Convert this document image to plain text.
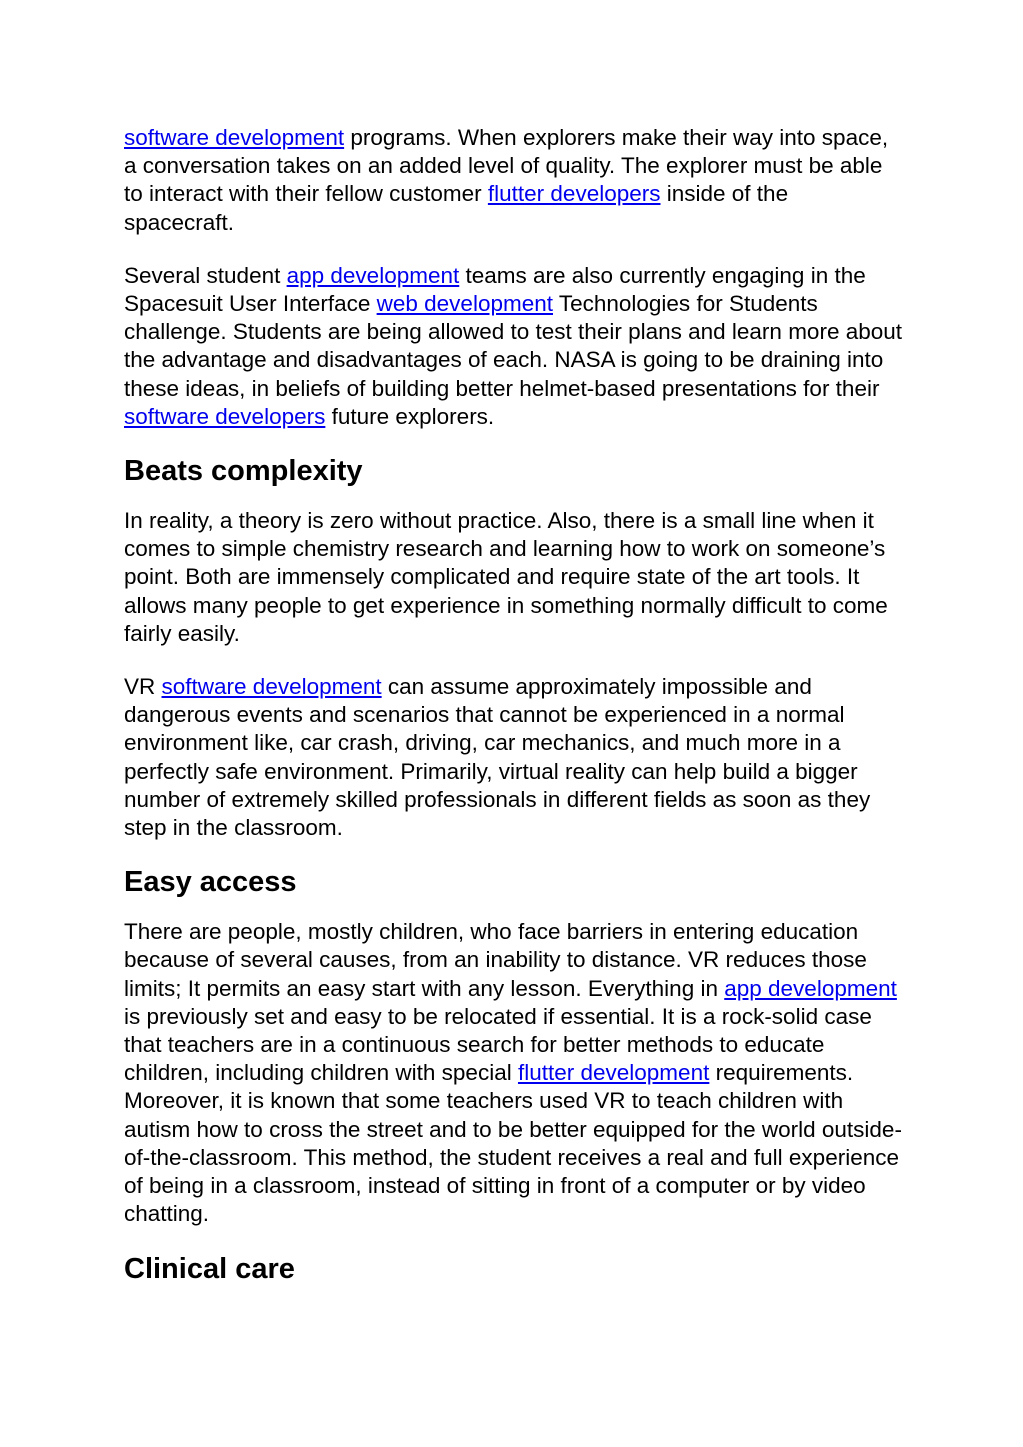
software development programs. When explorers make their way into space, a conversation takes on an added level of quality. The explorer must be able to interact with their fellow customer flutter developers inside of the spacecraft.

Several student app development teams are also currently engaging in the Spacesuit User Interface web development Technologies for Students challenge. Students are being allowed to test their plans and learn more about the advantage and disadvantages of each. NASA is going to be draining into these ideas, in beliefs of building better helmet-based presentations for their software developers future explorers.

Beats complexity

In reality, a theory is zero without practice. Also, there is a small line when it comes to simple chemistry research and learning how to work on someone’s point. Both are immensely complicated and require state of the art tools. It allows many people to get experience in something normally difficult to come fairly easily.

VR software development can assume approximately impossible and dangerous events and scenarios that cannot be experienced in a normal environment like, car crash, driving, car mechanics, and much more in a perfectly safe environment. Primarily, virtual reality can help build a bigger number of extremely skilled professionals in different fields as soon as they step in the classroom.

Easy access

There are people, mostly children, who face barriers in entering education because of several causes, from an inability to distance. VR reduces those limits; It permits an easy start with any lesson. Everything in app development is previously set and easy to be relocated if essential. It is a rock-solid case that teachers are in a continuous search for better methods to educate children, including children with special flutter development requirements. Moreover, it is known that some teachers used VR to teach children with autism how to cross the street and to be better equipped for the world outside-of-the-classroom. This method, the student receives a real and full experience of being in a classroom, instead of sitting in front of a computer or by video chatting.

Clinical care
